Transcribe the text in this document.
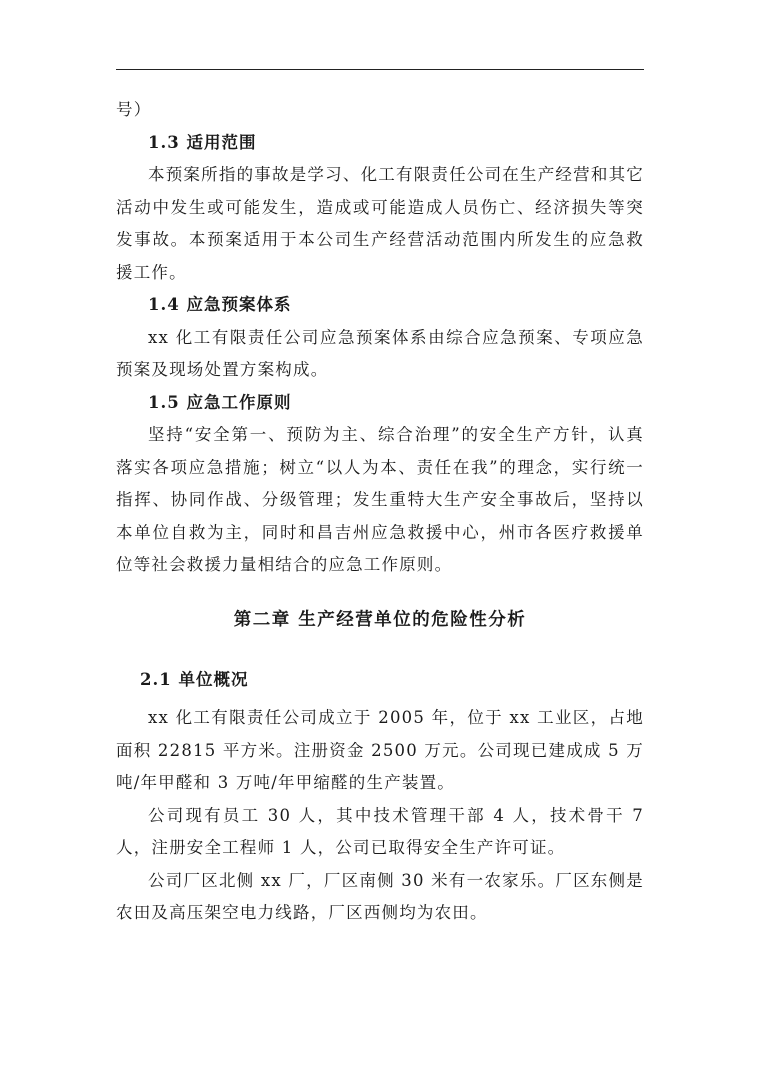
号）

1.3 适用范围

本预案所指的事故是学习、化工有限责任公司在生产经营和其它活动中发生或可能发生，造成或可能造成人员伤亡、经济损失等突发事故。本预案适用于本公司生产经营活动范围内所发生的应急救援工作。

1.4 应急预案体系

xx 化工有限责任公司应急预案体系由综合应急预案、专项应急预案及现场处置方案构成。

1.5 应急工作原则

坚持“安全第一、预防为主、综合治理”的安全生产方针，认真落实各项应急措施；树立“以人为本、责任在我”的理念，实行统一指挥、协同作战、分级管理；发生重特大生产安全事故后，坚持以本单位自救为主，同时和昌吉州应急救援中心，州市各医疗救援单位等社会救援力量相结合的应急工作原则。

第二章 生产经营单位的危险性分析

2.1 单位概况

xx 化工有限责任公司成立于 2005 年，位于 xx 工业区，占地面积 22815 平方米。注册资金 2500 万元。公司现已建成成 5 万吨/年甲醛和 3 万吨/年甲缩醛的生产装置。

公司现有员工 30 人，其中技术管理干部 4 人，技术骨干 7 人，注册安全工程师 1 人，公司已取得安全生产许可证。

公司厂区北侧 xx 厂，厂区南侧 30 米有一农家乐。厂区东侧是农田及高压架空电力线路，厂区西侧均为农田。
